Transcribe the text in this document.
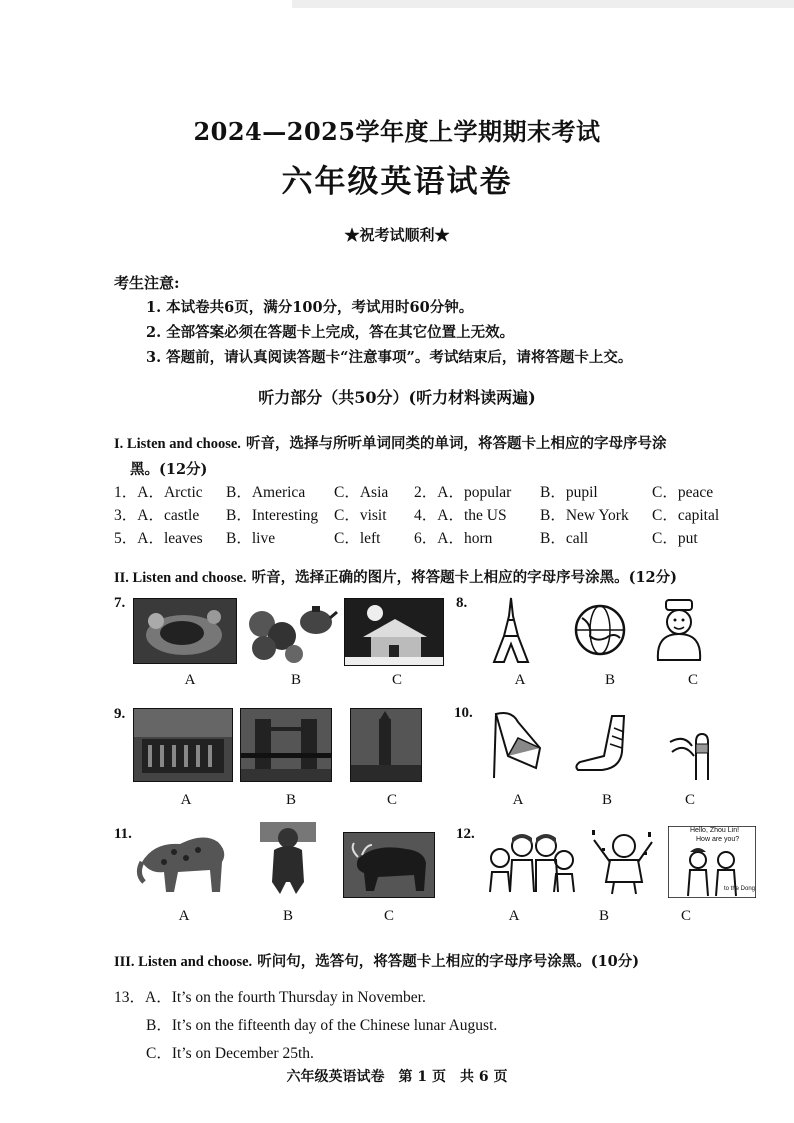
2024—2025学年度上学期期末考试
六年级英语试卷
★祝考试顺利★
考生注意:
1. 本试卷共6页，满分100分，考试用时60分钟。
2. 全部答案必须在答题卡上完成，答在其它位置上无效。
3. 答题前，请认真阅读答题卡“注意事项”。考试结束后，请将答题卡上交。
听力部分（共50分）(听力材料读两遍)
I. Listen and choose. 听音，选择与所听单词同类的单词，将答题卡上相应的字母序号涂
黑。(12分)
1．A．Arctic B．America C．Asia 2．A．popular B．pupil	C．peace
3．A．castle B．Interesting C．visit 4．A．the US B．New York C．capital
5．A．leaves B．live	C．left 6．A．horn	B．call	C．put
II. Listen and choose. 听音，选择正确的图片，将答题卡上相应的字母序号涂黑。(12分)
7.
A	B	C
8.
A	B	C
9.
A	B	C
10.
A	B	C
11.
A	B	C
12.	Hello, Zhou Lin!
How are you?
to the Dong
A	B	C
III. Listen and choose. 听问句，选答句，将答题卡上相应的字母序号涂黑。(10分)
13．A．It’s on the fourth Thursday in November.
B．It’s on the fifteenth day of the Chinese lunar August.
C．It’s on December 25th.
六年级英语试卷　第 1 页　共 6 页
